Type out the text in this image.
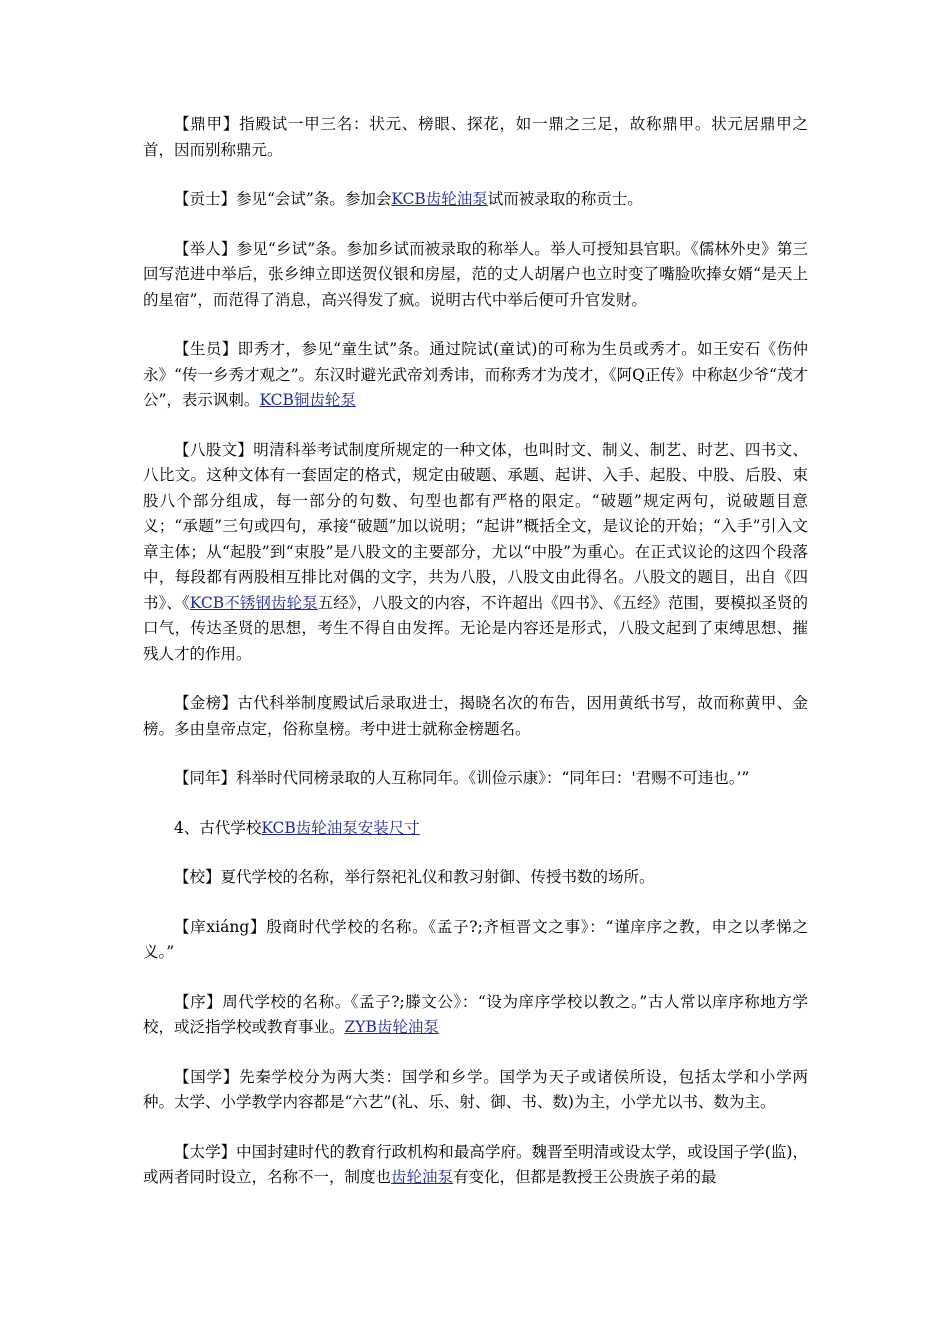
【鼎甲】指殿试一甲三名：状元、榜眼、探花，如一鼎之三足，故称鼎甲。状元居鼎甲之首，因而别称鼎元。

【贡士】参见“会试”条。参加会KCB齿轮油泵试而被录取的称贡士。

【举人】参见“乡试”条。参加乡试而被录取的称举人。举人可授知县官职。《儒林外史》第三回写范进中举后，张乡绅立即送贺仪银和房屋，范的丈人胡屠户也立时变了嘴脸吹捧女婿“是天上的星宿”，而范得了消息，高兴得发了疯。说明古代中举后便可升官发财。

【生员】即秀才，参见“童生试”条。通过院试(童试)的可称为生员或秀才。如王安石《伤仲永》“传一乡秀才观之”。东汉时避光武帝刘秀讳，而称秀才为茂才，《阿Q正传》中称赵少爷“茂才公”，表示讽刺。KCB铜齿轮泵

【八股文】明清科举考试制度所规定的一种文体，也叫时文、制义、制艺、时艺、四书文、八比文。这种文体有一套固定的格式，规定由破题、承题、起讲、入手、起股、中股、后股、束股八个部分组成，每一部分的句数、句型也都有严格的限定。“破题”规定两句，说破题目意义；“承题”三句或四句，承接“破题”加以说明；“起讲”概括全文，是议论的开始；“入手”引入文章主体；从“起股”到“束股”是八股文的主要部分，尤以“中股”为重心。在正式议论的这四个段落中，每段都有两股相互排比对偶的文字，共为八股，八股文由此得名。八股文的题目，出自《四书》、《KCB不锈钢齿轮泵五经》，八股文的内容，不许超出《四书》、《五经》范围，要模拟圣贤的口气，传达圣贤的思想，考生不得自由发挥。无论是内容还是形式，八股文起到了束缚思想、摧残人才的作用。

【金榜】古代科举制度殿试后录取进士，揭晓名次的布告，因用黄纸书写，故而称黄甲、金榜。多由皇帝点定，俗称皇榜。考中进士就称金榜题名。

【同年】科举时代同榜录取的人互称同年。《训俭示康》：“同年曰：'君赐不可违也。’”

4、古代学校KCB齿轮油泵安装尺寸

【校】夏代学校的名称，举行祭祀礼仪和教习射御、传授书数的场所。

【庠xiáng】殷商时代学校的名称。《孟子?;齐桓晋文之事》：“谨庠序之教，申之以孝悌之义。”

【序】周代学校的名称。《孟子?;滕文公》：“设为庠序学校以教之。”古人常以庠序称地方学校，或泛指学校或教育事业。ZYB齿轮油泵

【国学】先秦学校分为两大类：国学和乡学。国学为天子或诸侯所设，包括太学和小学两种。太学、小学教学内容都是“六艺”(礼、乐、射、御、书、数)为主，小学尤以书、数为主。

【太学】中国封建时代的教育行政机构和最高学府。魏晋至明清或设太学，或设国子学(监)，或两者同时设立，名称不一，制度也齿轮油泵有变化，但都是教授王公贵族子弟的最
